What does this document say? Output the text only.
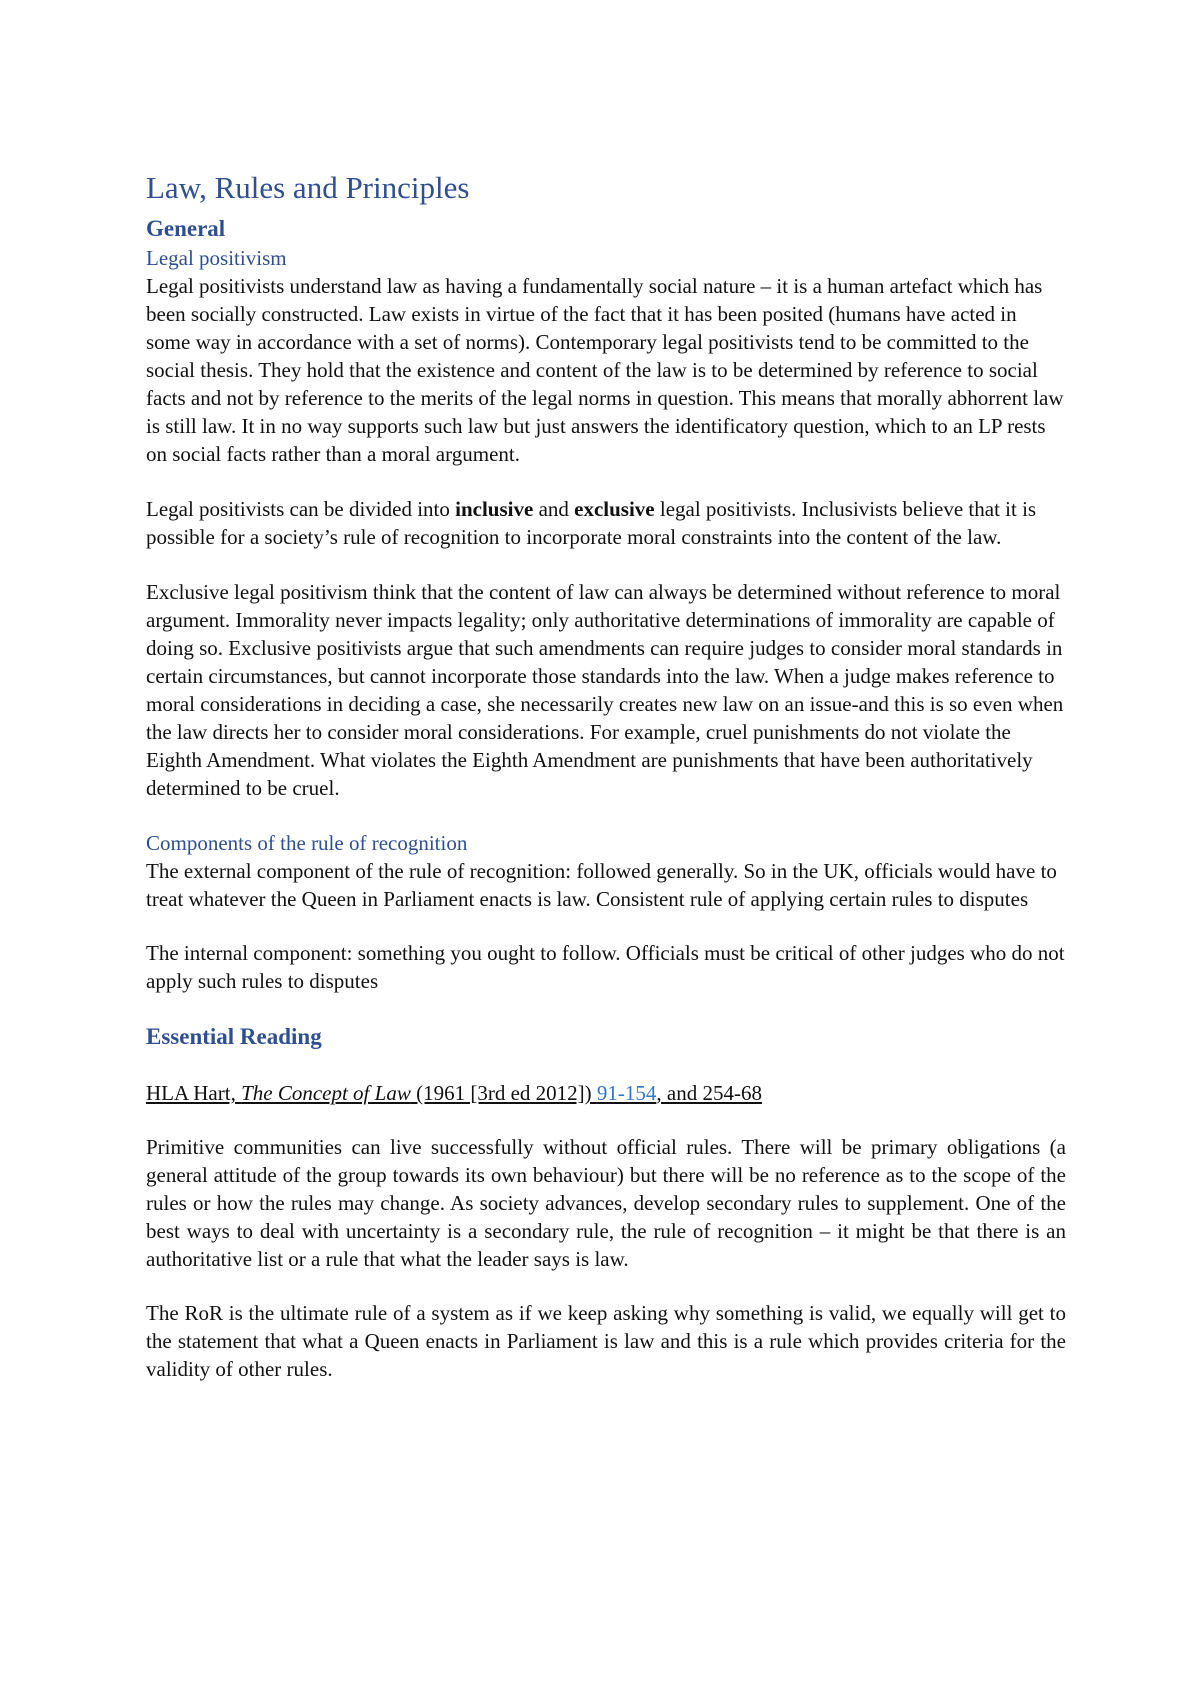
Law, Rules and Principles
General
Legal positivism

Legal positivists understand law as having a fundamentally social nature – it is a human artefact which has been socially constructed. Law exists in virtue of the fact that it has been posited (humans have acted in some way in accordance with a set of norms). Contemporary legal positivists tend to be committed to the social thesis. They hold that the existence and content of the law is to be determined by reference to social facts and not by reference to the merits of the legal norms in question. This means that morally abhorrent law is still law. It in no way supports such law but just answers the identificatory question, which to an LP rests on social facts rather than a moral argument.

Legal positivists can be divided into inclusive and exclusive legal positivists. Inclusivists believe that it is possible for a society’s rule of recognition to incorporate moral constraints into the content of the law.

Exclusive legal positivism think that the content of law can always be determined without reference to moral argument. Immorality never impacts legality; only authoritative determinations of immorality are capable of doing so. Exclusive positivists argue that such amendments can require judges to consider moral standards in certain circumstances, but cannot incorporate those standards into the law. When a judge makes reference to moral considerations in deciding a case, she necessarily creates new law on an issue-and this is so even when the law directs her to consider moral considerations. For example, cruel punishments do not violate the Eighth Amendment. What violates the Eighth Amendment are punishments that have been authoritatively determined to be cruel.

Components of the rule of recognition

The external component of the rule of recognition: followed generally. So in the UK, officials would have to treat whatever the Queen in Parliament enacts is law. Consistent rule of applying certain rules to disputes

The internal component: something you ought to follow. Officials must be critical of other judges who do not apply such rules to disputes

Essential Reading

HLA Hart, The Concept of Law (1961 [3rd ed 2012]) 91-154, and 254-68

Primitive communities can live successfully without official rules. There will be primary obligations (a general attitude of the group towards its own behaviour) but there will be no reference as to the scope of the rules or how the rules may change. As society advances, develop secondary rules to supplement. One of the best ways to deal with uncertainty is a secondary rule, the rule of recognition – it might be that there is an authoritative list or a rule that what the leader says is law.

The RoR is the ultimate rule of a system as if we keep asking why something is valid, we equally will get to the statement that what a Queen enacts in Parliament is law and this is a rule which provides criteria for the validity of other rules.
